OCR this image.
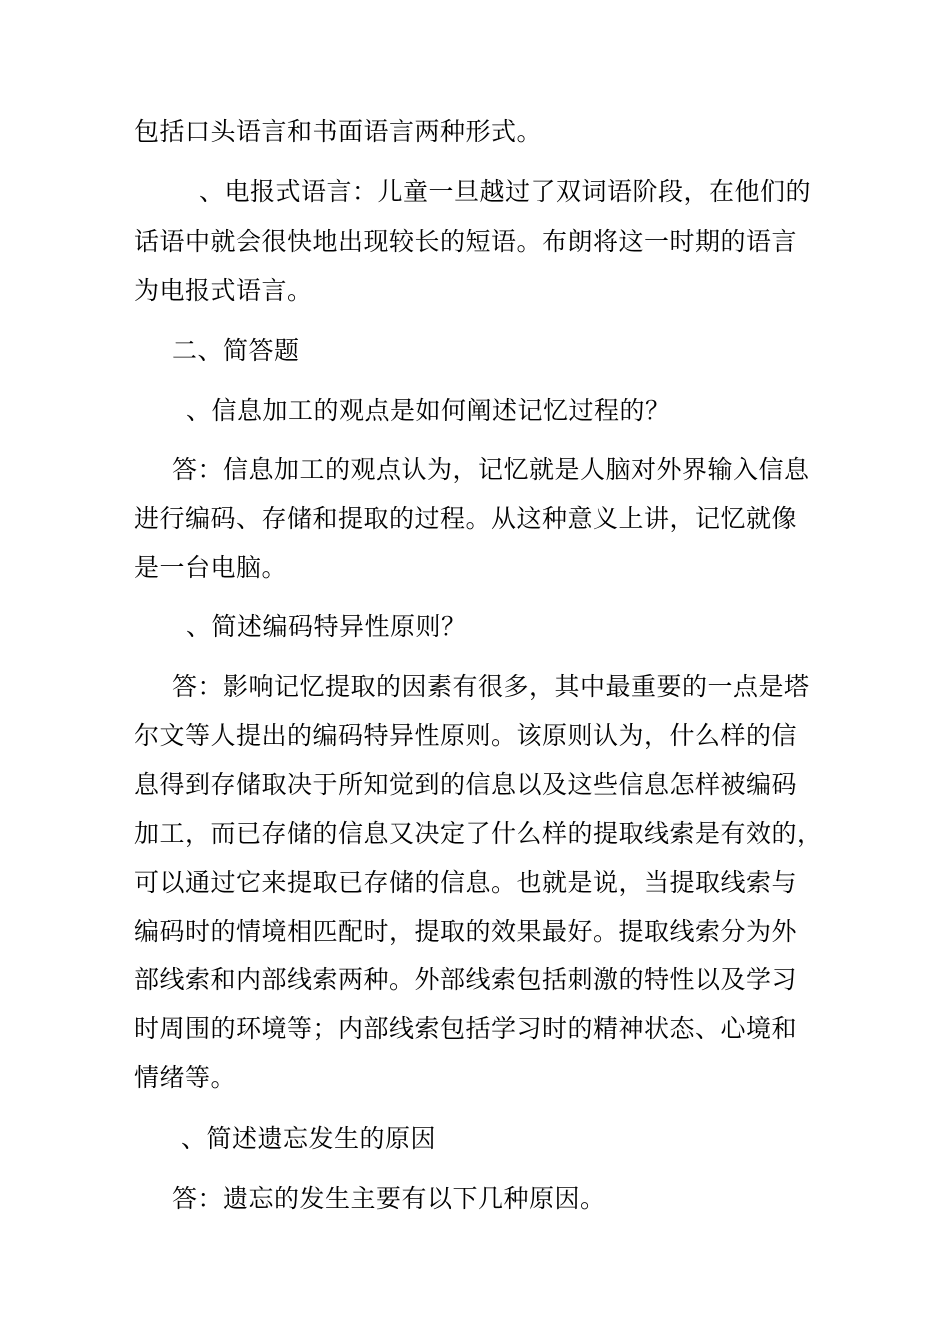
包括口头语言和书面语言两种形式。

、电报式语言：儿童一旦越过了双词语阶段，在他们的

话语中就会很快地出现较长的短语。布朗将这一时期的语言

为电报式语言。

二、简答题

、信息加工的观点是如何阐述记忆过程的？

答：信息加工的观点认为，记忆就是人脑对外界输入信息

进行编码、存储和提取的过程。从这种意义上讲，记忆就像

是一台电脑。

、简述编码特异性原则？

答：影响记忆提取的因素有很多，其中最重要的一点是塔

尔文等人提出的编码特异性原则。该原则认为，什么样的信

息得到存储取决于所知觉到的信息以及这些信息怎样被编码

加工，而已存储的信息又决定了什么样的提取线索是有效的，

可以通过它来提取已存储的信息。也就是说，当提取线索与

编码时的情境相匹配时，提取的效果最好。提取线索分为外

部线索和内部线索两种。外部线索包括刺激的特性以及学习

时周围的环境等；内部线索包括学习时的精神状态、心境和

情绪等。

、简述遗忘发生的原因

答：遗忘的发生主要有以下几种原因。
